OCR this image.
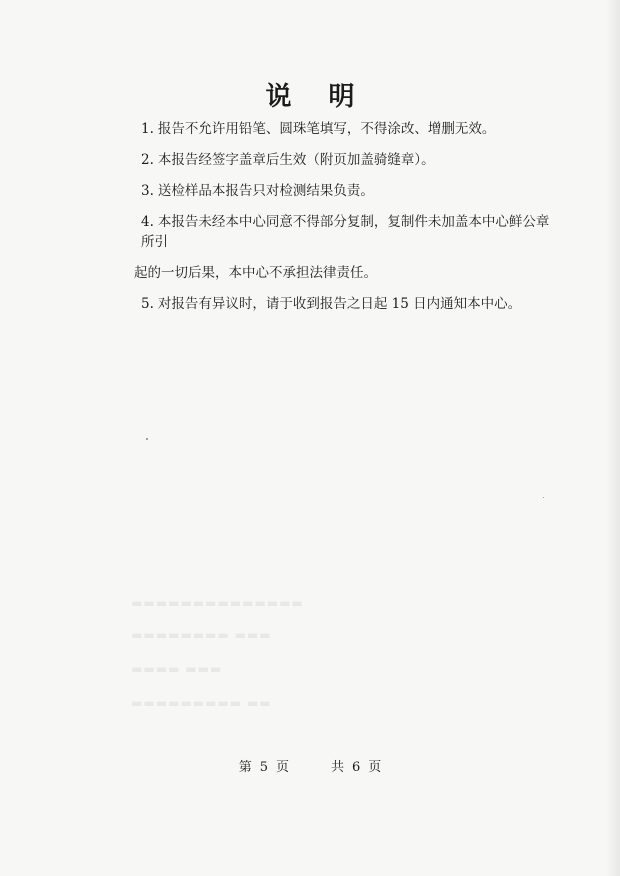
说 明
1. 报告不允许用铅笔、圆珠笔填写，不得涂改、增删无效。
2. 本报告经签字盖章后生效（附页加盖骑缝章）。
3. 送检样品本报告只对检测结果负责。
4. 本报告未经本中心同意不得部分复制，复制件未加盖本中心鲜公章所引
起的一切后果，本中心不承担法律责任。
5. 对报告有异议时，请于收到报告之日起 15 日内通知本中心。
▬▬▬▬▬▬▬▬▬▬▬▬▬▬
▬▬▬ ▬▬▬▬▬▬▬▬
▬▬▬ ▬▬▬▬
▬▬ ▬▬▬▬▬▬▬▬▬
第 5 页	共 6 页
